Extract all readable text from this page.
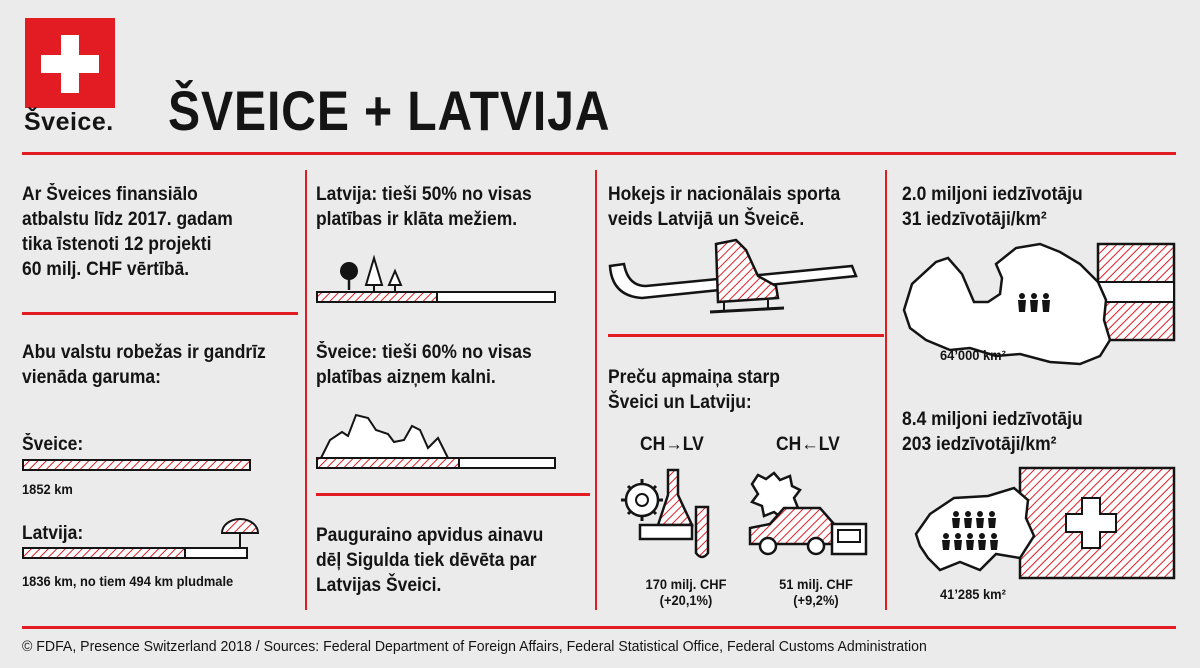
Šveice. ŠVEICE + LATVIJA
Ar Šveices finansiālo
atbalstu līdz 2017. gadam
tika īstenoti 12 projekti
60 milj. CHF vērtībā.
Abu valstu robežas ir gandrīz
vienāda garuma:
Šveice:
1852 km
Latvija:
1836 km, no tiem 494 km pludmale
Latvija: tieši 50% no visas
platības ir klāta mežiem.
Šveice: tieši 60% no visas
platības aizņem kalni.
Pauguraino apvidus ainavu
dēļ Sigulda tiek dēvēta par
Latvijas Šveici.
Hokejs ir nacionālais sporta
veids Latvijā un Šveicē.
Preču apmaiņa starp
Šveici un Latviju:
CH→LV	CH←LV
170 milj. CHF
(+20,1%)
51 milj. CHF
(+9,2%)
2.0 miljoni iedzīvotāju
31 iedzīvotāji/km²
64’000 km²
8.4 miljoni iedzīvotāju
203 iedzīvotāji/km²
41’285 km²
© FDFA, Presence Switzerland 2018 / Sources: Federal Department of Foreign Affairs, Federal Statistical Office, Federal Customs Administration
